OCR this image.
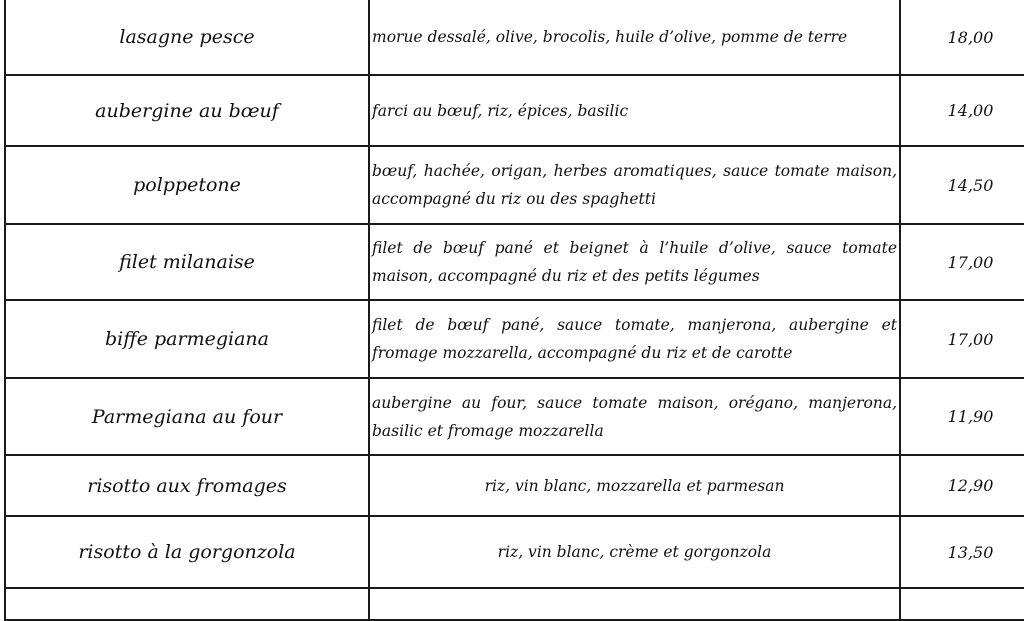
lasagne pesce	morue dessalé, olive, brocolis, huile d’olive, pomme de terre	18,00
aubergine au bœuf	farci au bœuf, riz, épices, basilic	14,00
polppetone	bœuf, hachée, origan, herbes aromatiques, sauce tomate maison, accompagné du riz ou des spaghetti	14,50
filet milanaise	filet de bœuf pané et beignet à l’huile d’olive, sauce tomate maison, accompagné du riz et des petits légumes	17,00
biffe parmegiana	filet de bœuf pané, sauce tomate, manjerona, aubergine et fromage mozzarella, accompagné du riz et de carotte	17,00
Parmegiana au four	aubergine au four, sauce tomate maison, orégano, manjerona, basilic et fromage mozzarella	11,90
risotto aux fromages	riz, vin blanc, mozzarella et parmesan	12,90
risotto à la gorgonzola	riz, vin blanc, crème et gorgonzola	13,50
